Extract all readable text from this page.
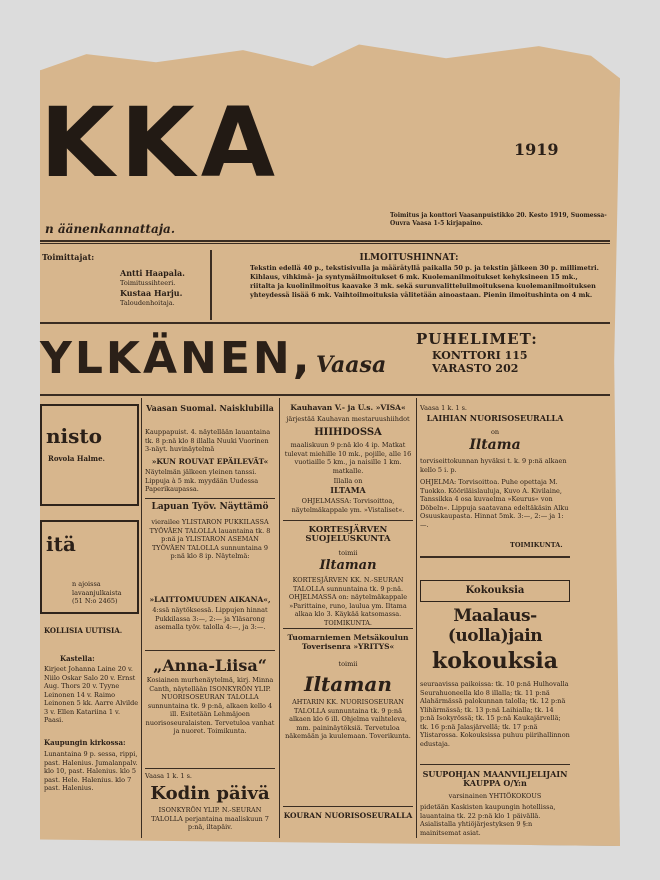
KKA	1919
n äänenkannattaja.
Toimitus ja konttori Vaasanpuistikko 20. Kesto 1919, Suomessa-Ouvra Vaasa 1-5 kirjapaino.
Toimittajat:
Antti Haapala.
Toimitussihteeri.
Kustaa Harju.
Taloudenhoitaja.
ILMOITUSHINNAT:
Tekstin edellä 40 p., tekstisivulla ja määrätyllä paikalla 50 p. ja tekstin jälkeen 30 p. millimetri. Kihlaus, vihkimä- ja syntymäilmoitukset 6 mk. Kuolemanilmoitukset kehyksineen 15 mk., riitalta ja kuolinilmoitus kaavake 3 mk. sekä surunvalitteluilmoituksena kuolemanilmoituksen yhteydessä lisää 6 mk. Vaihtoilmoituksia välitetään ainoastaan. Pienin ilmoitushinta on 4 mk.
YLKÄNEN, Vaasa
PUHELIMET:
KONTTORI 115
VARASTO 202
nisto
Rovola Halme.
itä
n ajoissa lavaanjulkaista (51 N:o 2465)
KOLLISIA UUTISIA.
Kastella:
Kirjeet Johanna Laine 20 v. Niilo Oskar Salo 20 v. Ernst Aug. Thors 20 v. Tyyne Leinonen 14 v. Raimo Leinonen 5 kk. Aarre Alvilde 3 v. Ellen Katariina 1 v. Paasi.
Kaupungin kirkossa:
Lunantaina 9 p. sessa, rippi, past. Halenius. Jumalanpalv. klo 10, past. Halenius. klo 5 past. Hele. Halenius. klo 7 past. Halenius.
Vaasan Suomal. Naisklubilla
Kauppapuist. 4. näytellään lauantaina tk. 8 p:nä klo 8 illalla Nuuki Vuorinen 3-näyt. huvinäytelmä
»KUN ROUVAT EPÄILEVÄT«
Näytelmän jälkeen yleinen tanssi. Lippuja à 5 mk. myydään Uudessa Paperikaupassa.
Lapuan Työv. Näyttämö
vierailee YLISTARON PUKKILASSA TYÖVÄEN TALOLLA lauantaina tk. 8 p:nä ja YLISTARON ASEMAN TYÖVÄEN TALOLLA sunnuntaina 9 p:nä klo 8 ip. Näytelmä:
»LAITTOMUUDEN AIKANA«,
4:ssä näytöksessä. Lippujen hinnat Pukkilassa 3:—, 2:— ja Yläsarong asemalla työv. talolla 4:—, ja 3:—.
„Anna-Liisa“
Kosiainen murhenäytelmä, kirj. Minna Canth, näytellään ISONKYRÖN YLIP. NUORISOSEURAN TALOLLA sunnuntaina tk. 9 p:nä, alkaen kello 4 ill. Esitetään Lehmäjoen nuorisoseuralaisten. Tervetuloa vanhat ja nuoret. Toimikunta.
Vaasa 1 k. 1 s.
Kodin päivä
ISONKYRÖN YLIP. N.-SEURAN TALOLLA perjantaina maaliskuun 7 p:nä, iltapäiv.
Kauhavan V.- ja U.s. »VISA«
järjestää Kauhavan mestaruushiihdot
HIIHDOSSA
maaliskuun 9 p:nä klo 4 ip. Matkat tulevat miehille 10 mk., pojille, alle 16 vuotiaille 5 km., ja naisille 1 km. matkalle.
Illalla on
ILTAMA
OHJELMASSA: Torvisoittoa, näytelmäkappale ym. »Vistaliset«.
KORTESJÄRVEN SUOJELUSKUNTA
toimii
Iltaman
KORTESJÄRVEN KK. N.-SEURAN TALOLLA sunnuntaina tk. 9 p:nä. OHJELMASSA on: näytelmäkappale »Parittaine, runo, laulua ym. Iltama alkaa klo 3. Käykää katsomassa. TOIMIKUNTA.
Tuomarniemen Metsäkoulun Toverisenra »YRITYS«
toimii
Iltaman
AHTARIN KK. NUORISOSEURAN TALOLLA sunnuntaina tk. 9 p:nä alkaen klo 6 ill. Ohjelma vaihteleva, mm. paininäytöksiä. Tervetuloa näkemään ja kuulemaan. Toverikunta.
KOURAN NUORISOSEURALLA
Vaasa 1 k. 1 s.
LAIHIAN NUORISOSEURALLA
on
Iltama
torviseittokunnan hyväksi t. k. 9 p:nä alkaen kello 5 i. p.
OHJELMA: Torvisoittoa. Puhe opettaja M. Tuokko. Kööriläislauluja, Kuvo A. Kivilaine, Tanssikka 4 osa kuvaelma »Keurus« von Döbeln«. Lippuja saatavana edeltäkäsin Alku Osuuskaupasta. Hinnat 5mk. 3:—, 2:— ja 1:—.
TOIMIKUNTA.
Kokouksia
Maalaus-(uolla)jain
kokouksia
seuraavissa paikoissa: tk. 10 p:nä Hulhovalla Seurahuoneella klo 8 illalla; tk. 11 p:nä Alahärmässä palokunnan talolla; tk. 12 p:nä Ylihärmässä; tk. 13 p:nä Laihialla; tk. 14 p:nä Isokyrössä; tk. 15 p:nä Kaukajärvellä; tk. 16 p:nä Jalasjärvellä; tk. 17 p:nä Ylistarossa. Kokouksissa puhuu piirihallinnon edustaja.
SUUPOHJAN MAANVILJELIJAIN KAUPPA O/Y:n
varsinainen YHTIÖKOKOUS
pidetään Kaskisten kaupungin hotellissa, lauantaina tk. 22 p:nä klo 1 päivällä. Asialistalla yhtiöjärjestyksen 9 §:n mainitsemat asiat.
